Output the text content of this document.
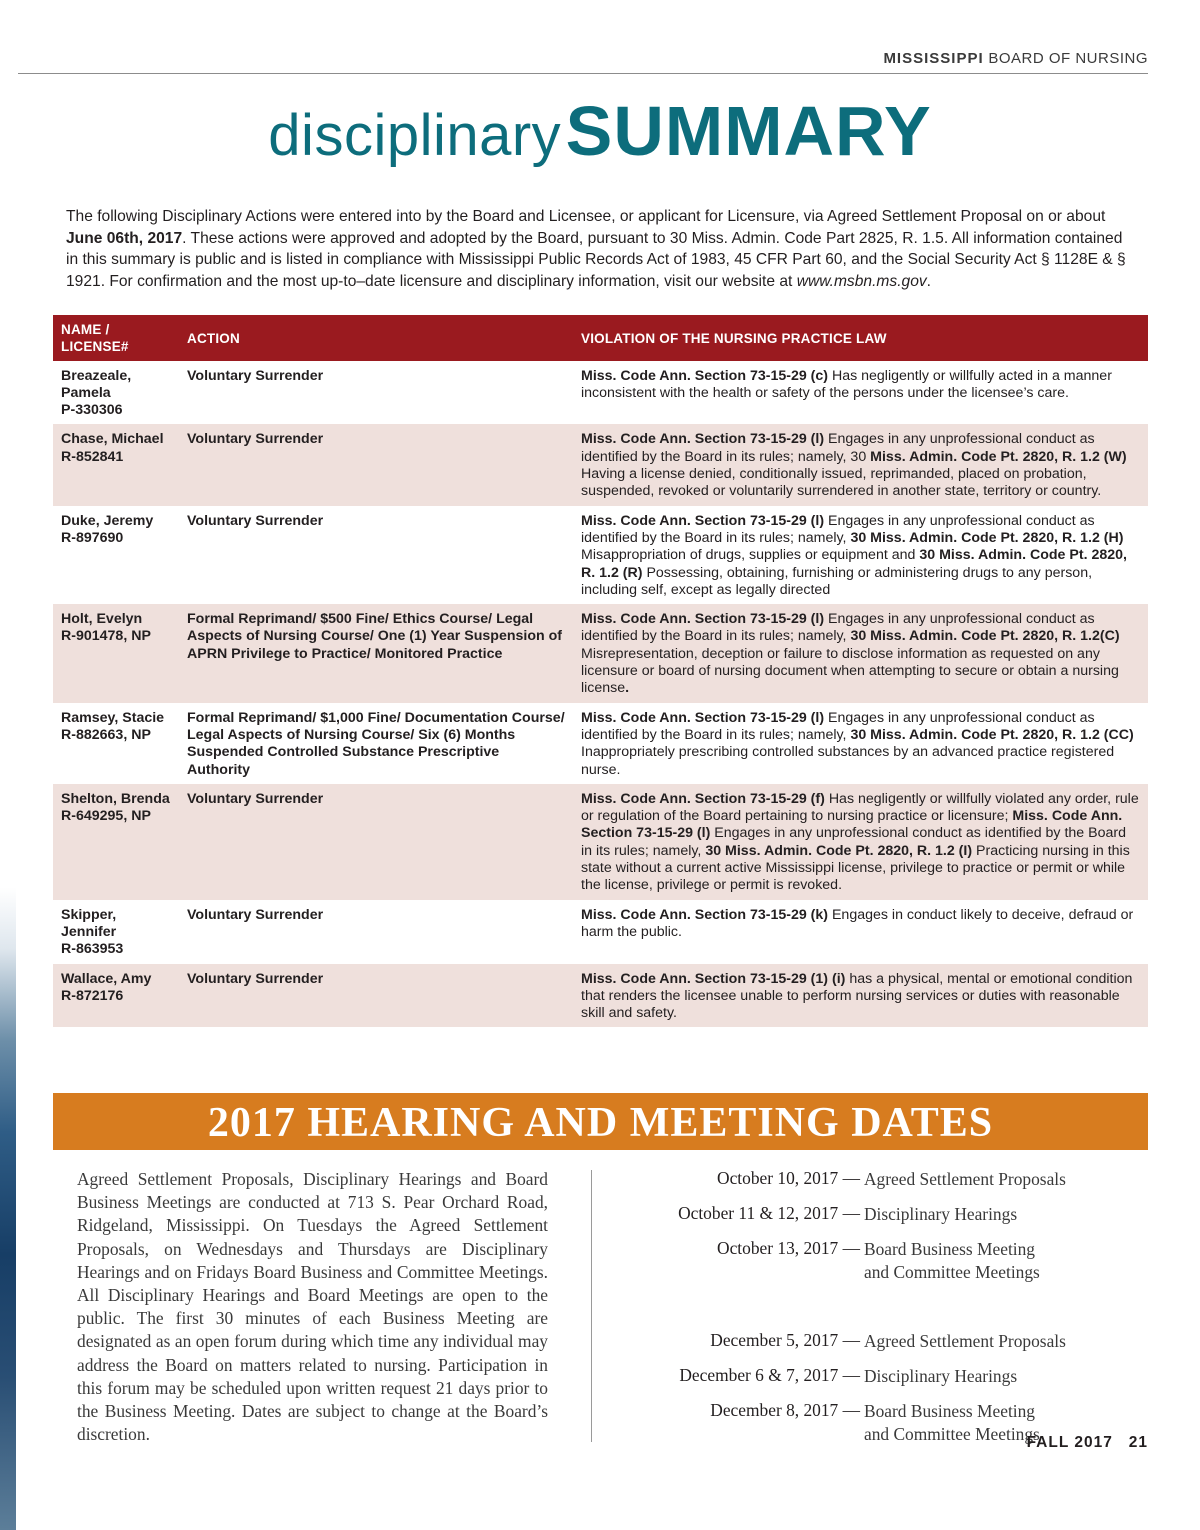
MISSISSIPPI BOARD OF NURSING
disciplinary SUMMARY
The following Disciplinary Actions were entered into by the Board and Licensee, or applicant for Licensure, via Agreed Settlement Proposal on or about June 06th, 2017. These actions were approved and adopted by the Board, pursuant to 30 Miss. Admin. Code Part 2825, R. 1.5. All information contained in this summary is public and is listed in compliance with Mississippi Public Records Act of 1983, 45 CFR Part 60, and the Social Security Act § 1128E & § 1921. For confirmation and the most up-to–date licensure and disciplinary information, visit our website at www.msbn.ms.gov.
NAME / LICENSE#	ACTION	VIOLATION OF THE NURSING PRACTICE LAW
Breazeale,
Pamela
P-330306	Voluntary Surrender	Miss. Code Ann. Section 73-15-29 (c) Has negligently or willfully acted in a manner inconsistent with the health or safety of the persons under the licensee’s care.
Chase, Michael
R-852841	Voluntary Surrender	Miss. Code Ann. Section 73-15-29 (l) Engages in any unprofessional conduct as identified by the Board in its rules; namely, 30 Miss. Admin. Code Pt. 2820, R. 1.2 (W) Having a license denied, conditionally issued, reprimanded, placed on probation, suspended, revoked or voluntarily surrendered in another state, territory or country.
Duke, Jeremy
R-897690	Voluntary Surrender	Miss. Code Ann. Section 73-15-29 (l) Engages in any unprofessional conduct as identified by the Board in its rules; namely, 30 Miss. Admin. Code Pt. 2820, R. 1.2 (H) Misappropriation of drugs, supplies or equipment and 30 Miss. Admin. Code Pt. 2820, R. 1.2 (R) Possessing, obtaining, furnishing or administering drugs to any person, including self, except as legally directed
Holt, Evelyn
R-901478, NP	Formal Reprimand/ $500 Fine/ Ethics Course/ Legal Aspects of Nursing Course/ One (1) Year Suspension of APRN Privilege to Practice/ Monitored Practice	Miss. Code Ann. Section 73-15-29 (l) Engages in any unprofessional conduct as identified by the Board in its rules; namely, 30 Miss. Admin. Code Pt. 2820, R. 1.2(C) Misrepresentation, deception or failure to disclose information as requested on any licensure or board of nursing document when attempting to secure or obtain a nursing license.
Ramsey, Stacie
R-882663, NP	Formal Reprimand/ $1,000 Fine/ Documentation Course/ Legal Aspects of Nursing Course/ Six (6) Months Suspended Controlled Substance Prescriptive Authority	Miss. Code Ann. Section 73-15-29 (l) Engages in any unprofessional conduct as identified by the Board in its rules; namely, 30 Miss. Admin. Code Pt. 2820, R. 1.2 (CC) Inappropriately prescribing controlled substances by an advanced practice registered nurse.
Shelton, Brenda
R-649295, NP	Voluntary Surrender	Miss. Code Ann. Section 73-15-29 (f) Has negligently or willfully violated any order, rule or regulation of the Board pertaining to nursing practice or licensure; Miss. Code Ann. Section 73-15-29 (l) Engages in any unprofessional conduct as identified by the Board in its rules; namely, 30 Miss. Admin. Code Pt. 2820, R. 1.2 (I) Practicing nursing in this state without a current active Mississippi license, privilege to practice or permit or while the license, privilege or permit is revoked.
Skipper,
Jennifer
R-863953	Voluntary Surrender	Miss. Code Ann. Section 73-15-29 (k) Engages in conduct likely to deceive, defraud or harm the public.
Wallace, Amy
R-872176	Voluntary Surrender	Miss. Code Ann. Section 73-15-29 (1) (i) has a physical, mental or emotional condition that renders the licensee unable to perform nursing services or duties with reasonable skill and safety.
2017 HEARING AND MEETING DATES
Agreed Settlement Proposals, Disciplinary Hearings and Board Business Meetings are conducted at 713 S. Pear Orchard Road, Ridgeland, Mississippi. On Tuesdays the Agreed Settlement Proposals, on Wednesdays and Thursdays are Disciplinary Hearings and on Fridays Board Business and Committee Meetings. All Disciplinary Hearings and Board Meetings are open to the public. The first 30 minutes of each Business Meeting are designated as an open forum during which time any individual may address the Board on matters related to nursing. Participation in this forum may be scheduled upon written request 21 days prior to the Business Meeting. Dates are subject to change at the Board’s discretion.
October 10, 2017 — Agreed Settlement Proposals
October 11 & 12, 2017 — Disciplinary Hearings
October 13, 2017 — Board Business Meeting
and Committee Meetings
December 5, 2017 — Agreed Settlement Proposals
December 6 & 7, 2017 — Disciplinary Hearings
December 8, 2017 — Board Business Meeting
and Committee Meetings
FALL 2017 21
